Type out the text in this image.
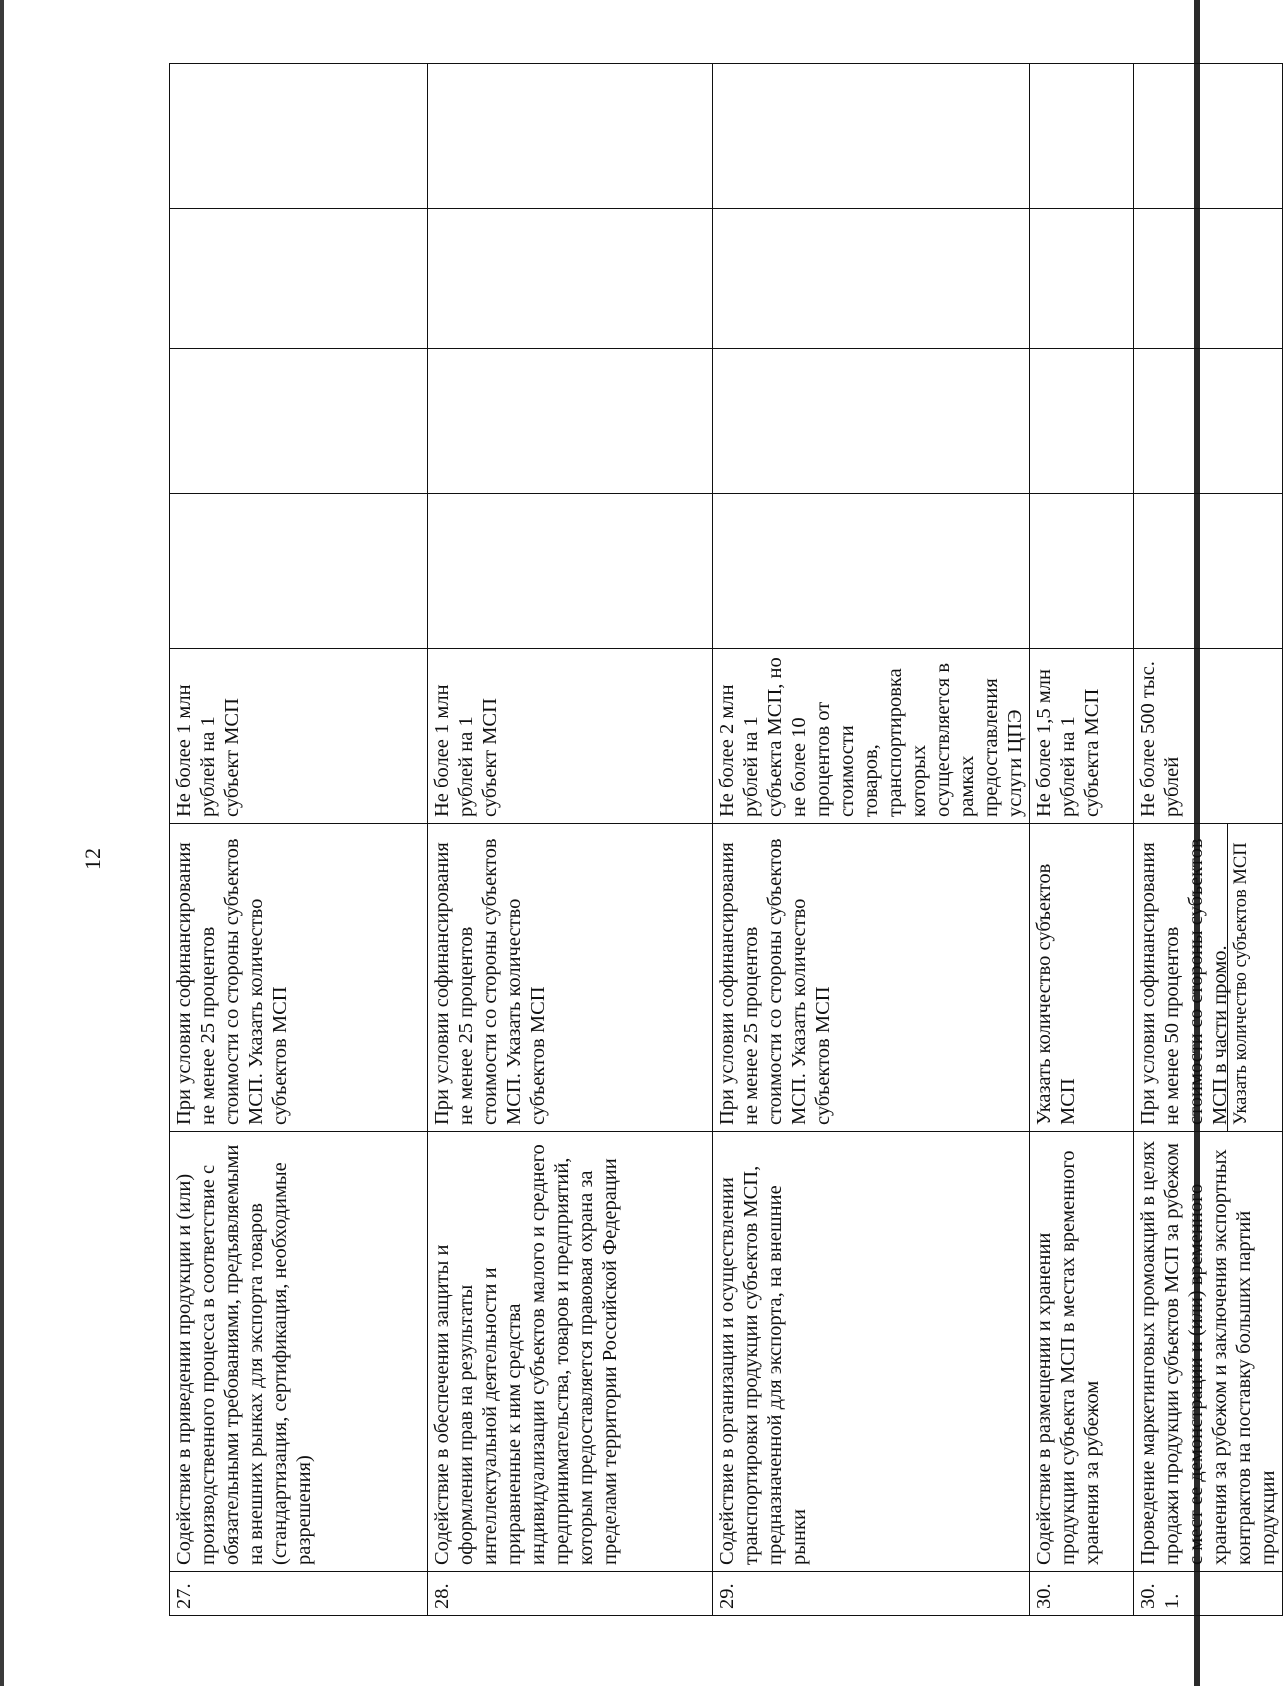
12
27.	Содействие в приведении продукции и (или) производственного процесса в соответствие с обязательными требованиями, предъявляемыми на внешних рынках для экспорта товаров (стандартизация, сертификация, необходимые разрешения)	При условии софинансирования не менее 25 процентов стоимости со стороны субъектов МСП. Указать количество субъектов МСП	Не более 1 млн рублей на 1 субъект МСП				
28.	Содействие в обеспечении защиты и оформлении прав на результаты интеллектуальной деятельности и приравненные к ним средства индивидуализации субъектов малого и среднего предпринимательства, товаров и предприятий, которым предоставляется правовая охрана за пределами территории Российской Федерации	При условии софинансирования не менее 25 процентов стоимости со стороны субъектов МСП. Указать количество субъектов МСП	Не более 1 млн рублей на 1 субъект МСП				
29.	Содействие в организации и осуществлении транспортировки продукции субъектов МСП, предназначенной для экспорта, на внешние рынки	При условии софинансирования не менее 25 процентов стоимости со стороны субъектов МСП. Указать количество субъектов МСП	Не более 2 млн рублей на 1 субъекта МСП, но не более 10 процентов от стоимости товаров, транспортировка которых осуществляется в рамках предоставления услуги ЦПЭ				
30.	Содействие в размещении и хранении продукции субъекта МСП в местах временного хранения за рубежом	Указать количество субъектов МСП	Не более 1,5 млн рублей на 1 субъекта МСП				
30.1.	Проведение маркетинговых промоакций в целях продажи продукции субъектов МСП за рубежом с мест ее демонстрации и (или) временного хранения за рубежом и заключения экспортных контрактов на поставку больших партий продукции	При условии софинансирования не менее 50 процентов стоимости со стороны субъектов МСП в части промо. Указать количество субъектов МСП	Не более 500 тыс. рублей				
